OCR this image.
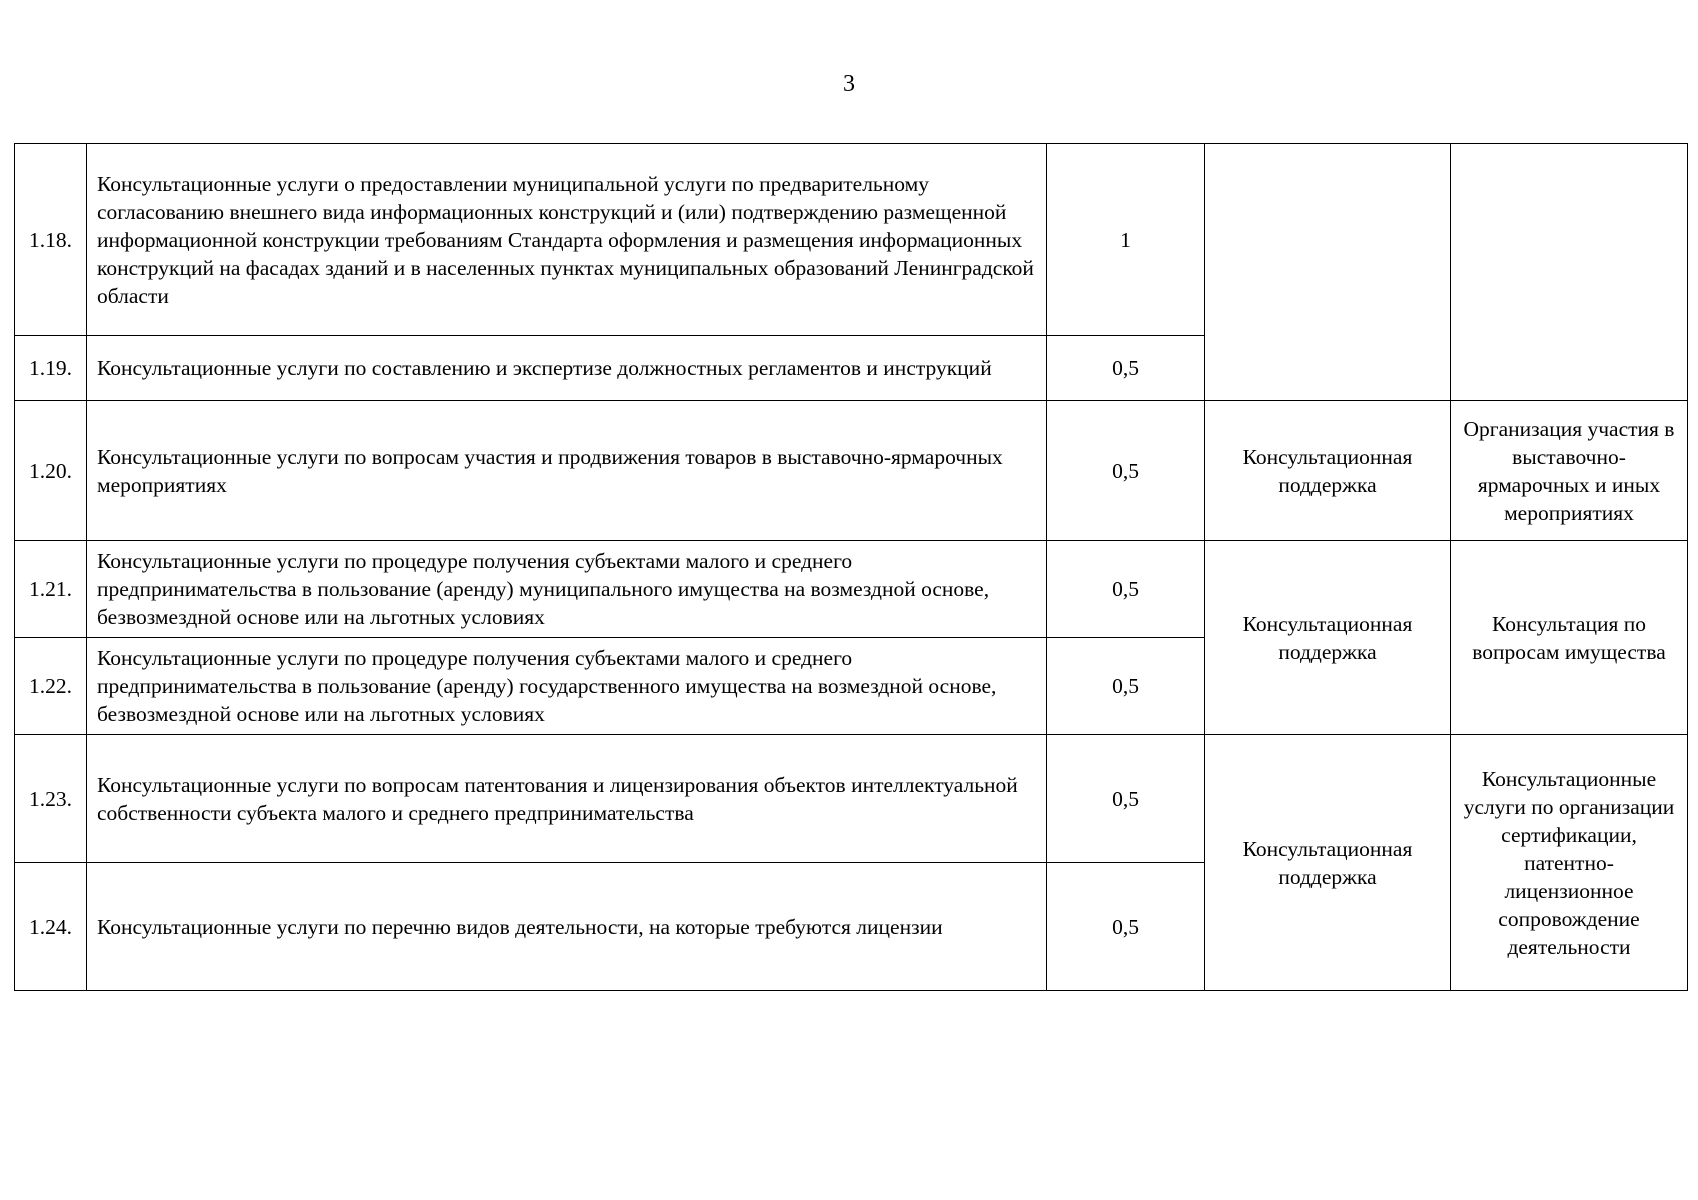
3
1.18.	Консультационные услуги о предоставлении муниципальной услуги по предварительному согласованию внешнего вида информационных конструкций и (или) подтверждению размещенной информационной конструкции требованиям Стандарта оформления и размещения информационных конструкций на фасадах зданий и в населенных пунктах муниципальных образований Ленинградской области	1		
1.19.	Консультационные услуги по составлению и экспертизе должностных регламентов и инструкций	0,5		
1.20.	Консультационные услуги по вопросам участия и продвижения товаров в выставочно-ярмарочных мероприятиях	0,5	Консультационная поддержка	Организация участия в выставочно-ярмарочных и иных мероприятиях
1.21.	Консультационные услуги по процедуре получения субъектами малого и среднего предпринимательства в пользование (аренду) муниципального имущества на возмездной основе, безвозмездной основе или на льготных условиях	0,5	Консультационная поддержка	Консультация по вопросам имущества
1.22.	Консультационные услуги по процедуре получения субъектами малого и среднего предпринимательства в пользование (аренду) государственного имущества на возмездной основе, безвозмездной основе или на льготных условиях	0,5		
1.23.	Консультационные услуги по вопросам патентования и лицензирования объектов интеллектуальной собственности субъекта малого и среднего предпринимательства	0,5	Консультационная поддержка	Консультационные услуги по организации сертификации, патентно-лицензионное сопровождение деятельности
1.24.	Консультационные услуги по перечню видов деятельности, на которые требуются лицензии	0,5		
